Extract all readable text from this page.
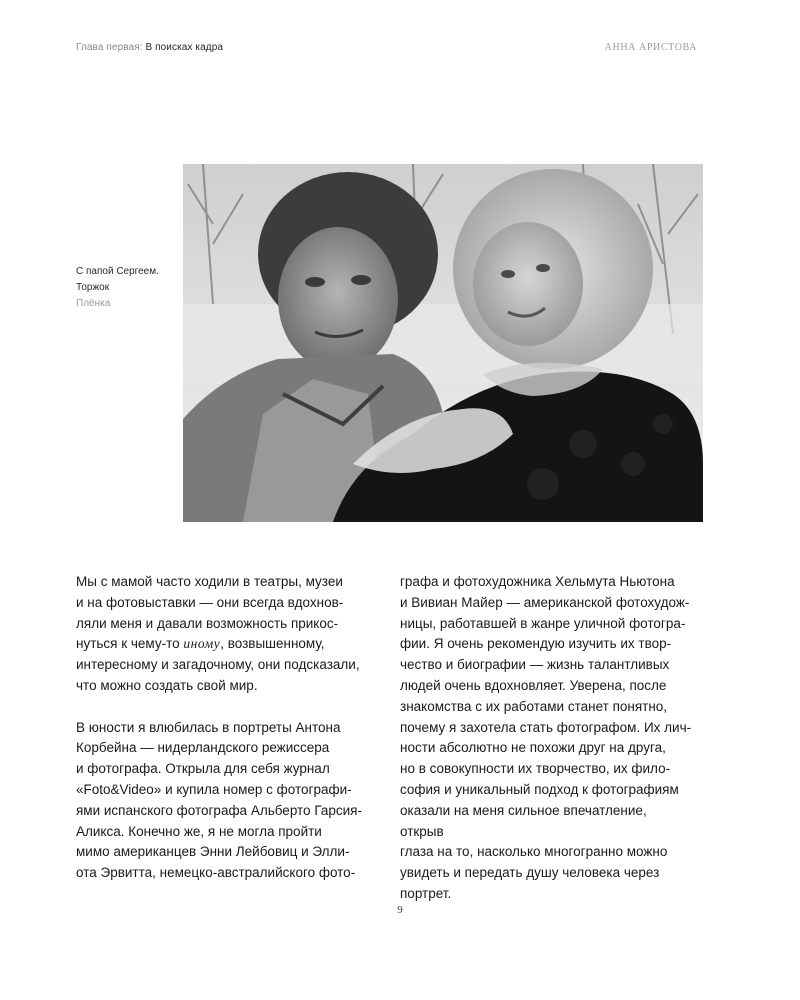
Глава первая: В поисках кадра	АННА АРИСТОВА
С папой Сергеем.
Торжок
Плёнка

Мы с мамой часто ходили в театры, музеи
и на фотовыставки — они всегда вдохнов-
ляли меня и давали возможность прикос-
нуться к чему-то иному, возвышенному,
интересному и загадочному, они подсказали,
что можно создать свой мир.

В юности я влюбилась в портреты Антона
Корбейна — нидерландского режиссера
и фотографа. Открыла для себя журнал
«Foto&Video» и купила номер с фотографи-
ями испанского фотографа Альберто Гарсия-
Аликса. Конечно же, я не могла пройти
мимо американцев Энни Лейбовиц и Элли-
ота Эрвитта, немецко-австралийского фото-

графа и фотохудожника Хельмута Ньютона
и Вивиан Майер — американской фотохудож-
ницы, работавшей в жанре уличной фотогра-
фии. Я очень рекомендую изучить их твор-
чество и биографии — жизнь талантливых
людей очень вдохновляет. Уверена, после
знакомства с их работами станет понятно,
почему я захотела стать фотографом. Их лич-
ности абсолютно не похожи друг на друга,
но в совокупности их творчество, их фило-
софия и уникальный подход к фотографиям
оказали на меня сильное впечатление, открыв
глаза на то, насколько многогранно можно
увидеть и передать душу человека через
портрет.

9
